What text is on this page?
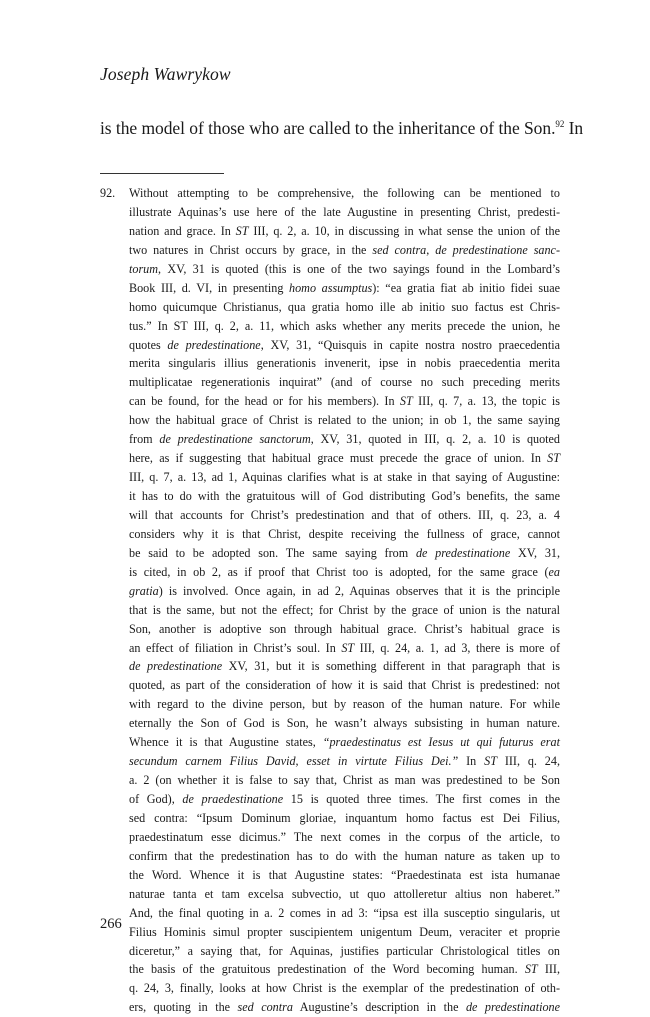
Joseph Wawrykow
is the model of those who are called to the inheritance of the Son.$^{92}$ In
92. Without attempting to be comprehensive, the following can be mentioned to
illustrate Aquinas’s use here of the late Augustine in presenting Christ, predesti-
nation and grace. In ST III, q. 2, a. 10, in discussing in what sense the union of the
two natures in Christ occurs by grace, in the sed contra, de predestinatione sanc-
torum, XV, 31 is quoted (this is one of the two sayings found in the Lombard’s
Book III, d. VI, in presenting homo assumptus): “ea gratia fiat ab initio fidei suae
homo quicumque Christianus, qua gratia homo ille ab initio suo factus est Chris-
tus.” In ST III, q. 2, a. 11, which asks whether any merits precede the union, he
quotes de predestinatione, XV, 31, “Quisquis in capite nostra nostro praecedentia
merita singularis illius generationis invenerit, ipse in nobis praecedentia merita
multiplicatae regenerationis inquirat” (and of course no such preceding merits
can be found, for the head or for his members). In ST III, q. 7, a. 13, the topic is
how the habitual grace of Christ is related to the union; in ob 1, the same saying
from de predestinatione sanctorum, XV, 31, quoted in III, q. 2, a. 10 is quoted
here, as if suggesting that habitual grace must precede the grace of union. In ST
III, q. 7, a. 13, ad 1, Aquinas clarifies what is at stake in that saying of Augustine:
it has to do with the gratuitous will of God distributing God’s benefits, the same
will that accounts for Christ’s predestination and that of others. III, q. 23, a. 4
considers why it is that Christ, despite receiving the fullness of grace, cannot
be said to be adopted son. The same saying from de predestinatione XV, 31,
is cited, in ob 2, as if proof that Christ too is adopted, for the same grace (ea
gratia) is involved. Once again, in ad 2, Aquinas observes that it is the principle
that is the same, but not the effect; for Christ by the grace of union is the natural
Son, another is adoptive son through habitual grace. Christ’s habitual grace is
an effect of filiation in Christ’s soul. In ST III, q. 24, a. 1, ad 3, there is more of
de predestinatione XV, 31, but it is something different in that paragraph that is
quoted, as part of the consideration of how it is said that Christ is predestined: not
with regard to the divine person, but by reason of the human nature. For while
eternally the Son of God is Son, he wasn’t always subsisting in human nature.
Whence it is that Augustine states, “praedestinatus est Iesus ut qui futurus erat
secundum carnem Filius David, esset in virtute Filius Dei.” In ST III, q. 24,
a. 2 (on whether it is false to say that, Christ as man was predestined to be Son
of God), de praedestinatione 15 is quoted three times. The first comes in the
sed contra: “Ipsum Dominum gloriae, inquantum homo factus est Dei Filius,
praedestinatum esse dicimus.” The next comes in the corpus of the article, to
confirm that the predestination has to do with the human nature as taken up to
the Word. Whence it is that Augustine states: “Praedestinata est ista humanae
naturae tanta et tam excelsa subvectio, ut quo attolleretur altius non haberet.”
And, the final quoting in a. 2 comes in ad 3: “ipsa est illa susceptio singularis, ut
Filius Hominis simul propter suscipientem unigentum Deum, veraciter et proprie
diceretur,” a saying that, for Aquinas, justifies particular Christological titles on
the basis of the gratuitous predestination of the Word becoming human. ST III,
q. 24, 3, finally, looks at how Christ is the exemplar of the predestination of oth-
ers, quoting in the sed contra Augustine’s description in the de predestinatione
266
